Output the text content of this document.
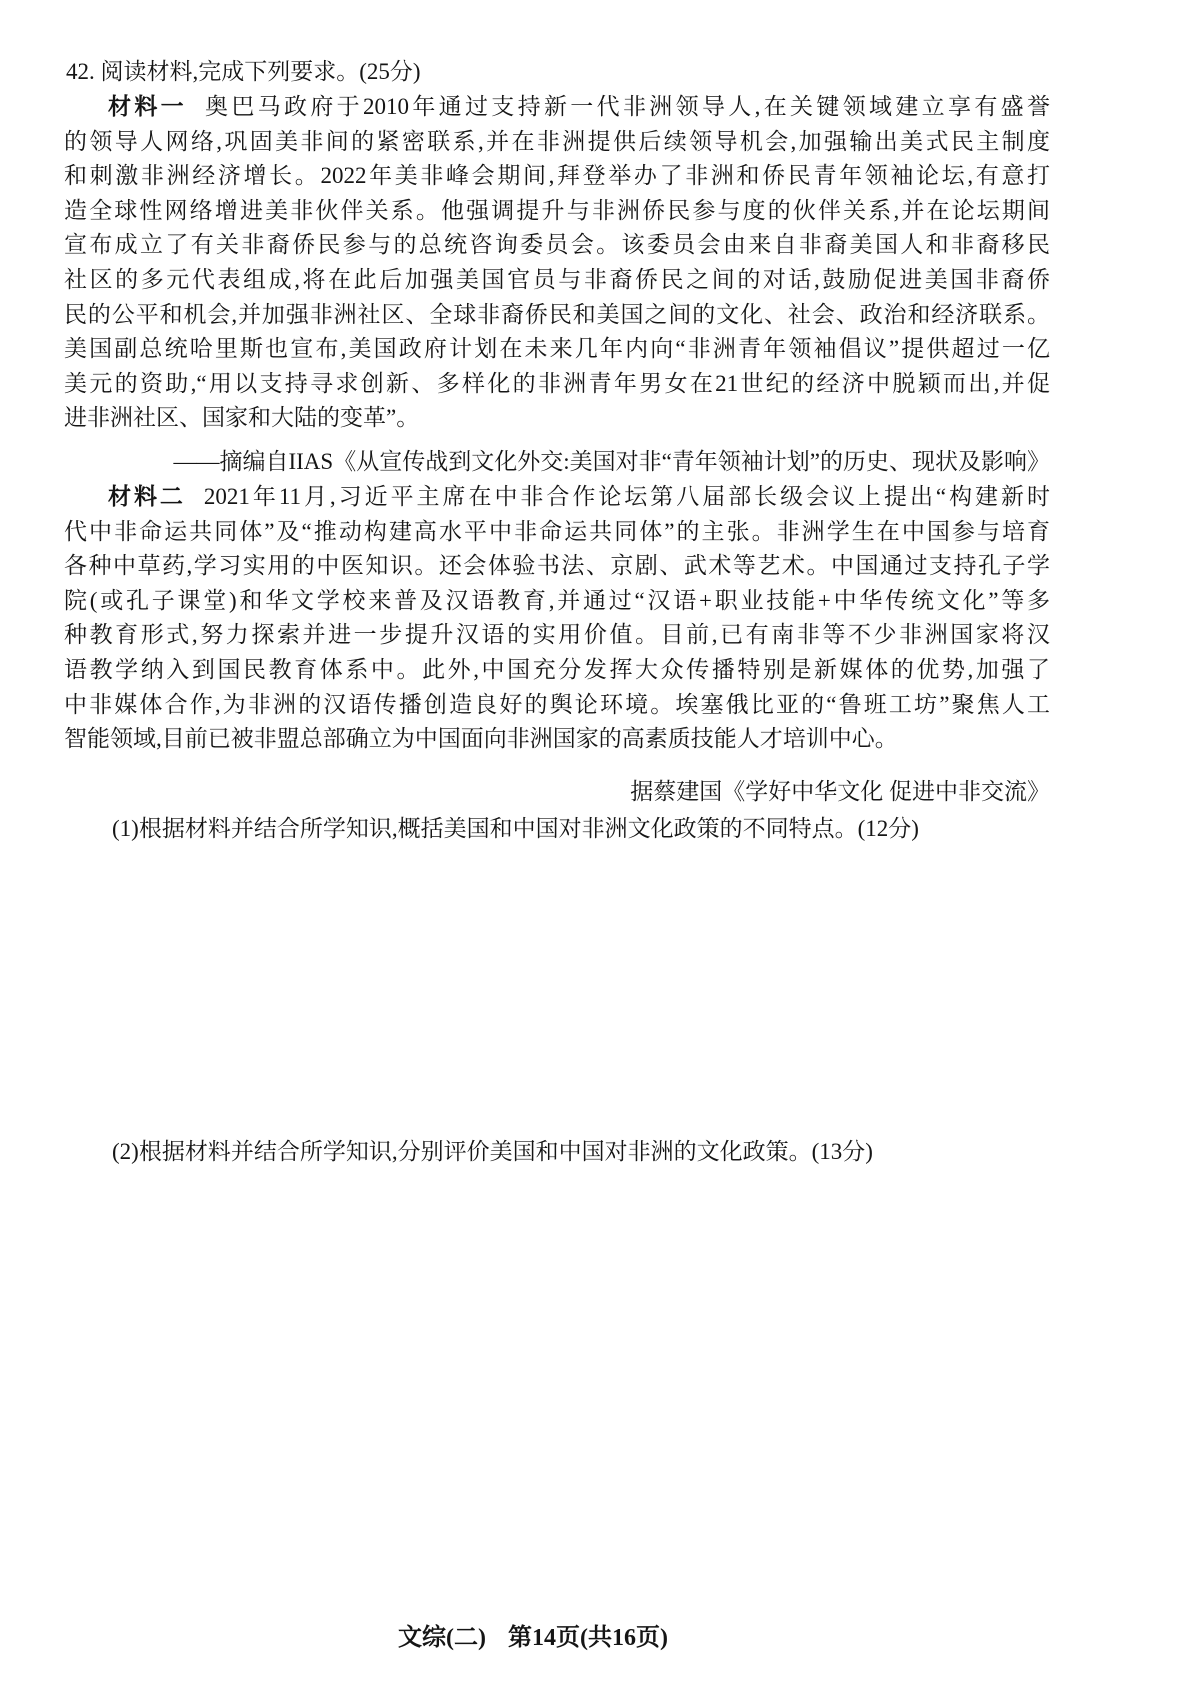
42. 阅读材料,完成下列要求。(25分)
材料一 奥巴马政府于2010年通过支持新一代非洲领导人,在关键领域建立享有盛誉
的领导人网络,巩固美非间的紧密联系,并在非洲提供后续领导机会,加强输出美式民主制度
和刺激非洲经济增长。2022年美非峰会期间,拜登举办了非洲和侨民青年领袖论坛,有意打
造全球性网络增进美非伙伴关系。他强调提升与非洲侨民参与度的伙伴关系,并在论坛期间
宣布成立了有关非裔侨民参与的总统咨询委员会。该委员会由来自非裔美国人和非裔移民
社区的多元代表组成,将在此后加强美国官员与非裔侨民之间的对话,鼓励促进美国非裔侨
民的公平和机会,并加强非洲社区、全球非裔侨民和美国之间的文化、社会、政治和经济联系。
美国副总统哈里斯也宣布,美国政府计划在未来几年内向“非洲青年领袖倡议”提供超过一亿
美元的资助,“用以支持寻求创新、多样化的非洲青年男女在21世纪的经济中脱颖而出,并促
进非洲社区、国家和大陆的变革”。
——摘编自IIAS《从宣传战到文化外交:美国对非“青年领袖计划”的历史、现状及影响》
材料二 2021年11月,习近平主席在中非合作论坛第八届部长级会议上提出“构建新时
代中非命运共同体”及“推动构建高水平中非命运共同体”的主张。非洲学生在中国参与培育
各种中草药,学习实用的中医知识。还会体验书法、京剧、武术等艺术。中国通过支持孔子学
院(或孔子课堂)和华文学校来普及汉语教育,并通过“汉语+职业技能+中华传统文化”等多
种教育形式,努力探索并进一步提升汉语的实用价值。目前,已有南非等不少非洲国家将汉
语教学纳入到国民教育体系中。此外,中国充分发挥大众传播特别是新媒体的优势,加强了
中非媒体合作,为非洲的汉语传播创造良好的舆论环境。埃塞俄比亚的“鲁班工坊”聚焦人工
智能领域,目前已被非盟总部确立为中国面向非洲国家的高素质技能人才培训中心。
据蔡建国《学好中华文化 促进中非交流》
(1)根据材料并结合所学知识,概括美国和中国对非洲文化政策的不同特点。(12分)
(2)根据材料并结合所学知识,分别评价美国和中国对非洲的文化政策。(13分)
文综(二) 第14页(共16页)
